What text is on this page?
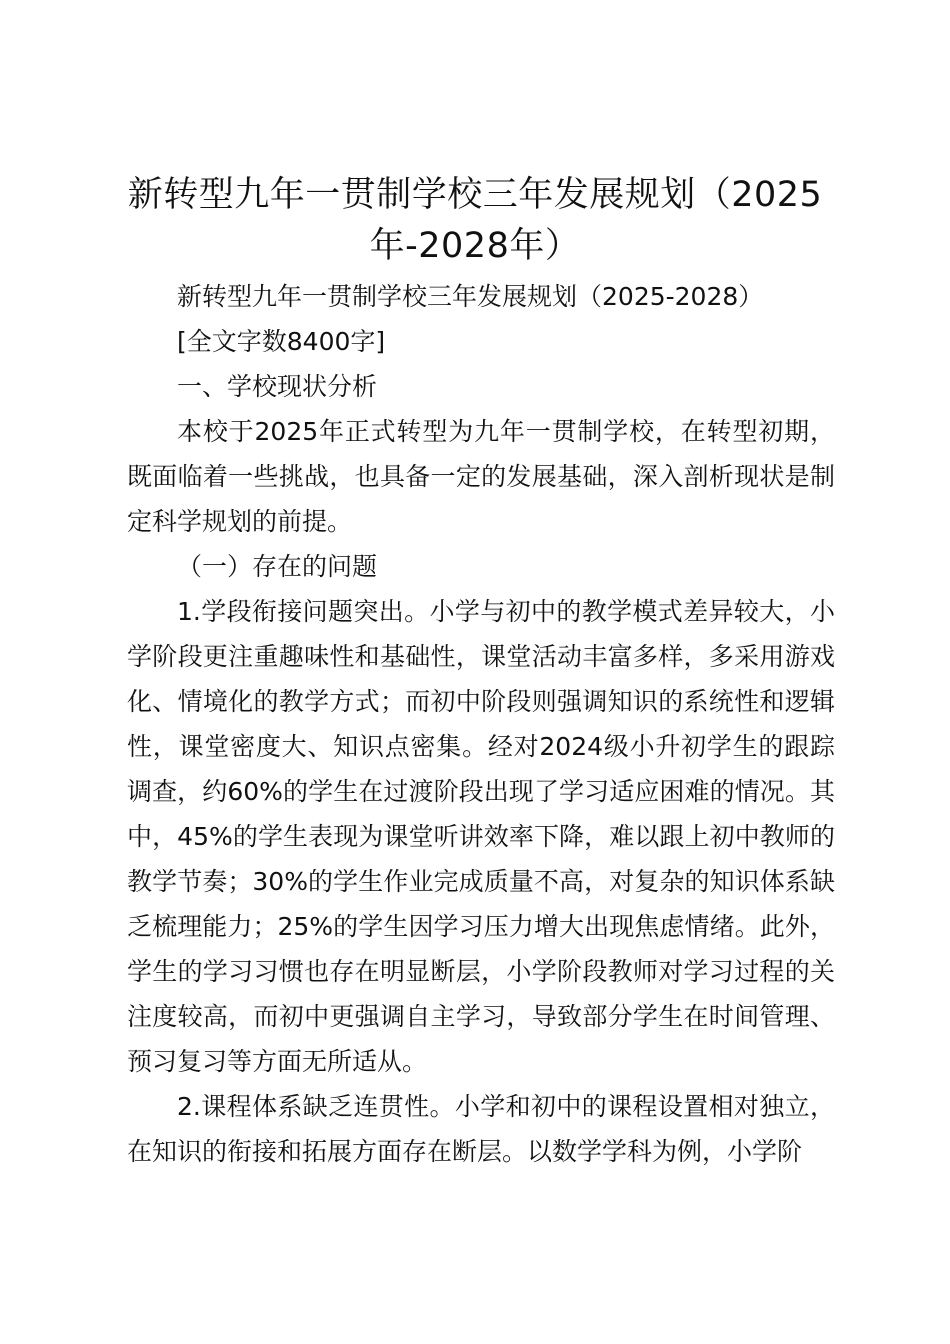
新转型九年一贯制学校三年发展规划（2025年-2028年）

新转型九年一贯制学校三年发展规划（2025-2028）

[全文字数8400字]

一、学校现状分析

本校于2025年正式转型为九年一贯制学校，在转型初期，既面临着一些挑战，也具备一定的发展基础，深入剖析现状是制定科学规划的前提。

（一）存在的问题

1.学段衔接问题突出。小学与初中的教学模式差异较大，小学阶段更注重趣味性和基础性，课堂活动丰富多样，多采用游戏化、情境化的教学方式；而初中阶段则强调知识的系统性和逻辑性，课堂密度大、知识点密集。经对2024级小升初学生的跟踪调查，约60%的学生在过渡阶段出现了学习适应困难的情况。其中，45%的学生表现为课堂听讲效率下降，难以跟上初中教师的教学节奏；30%的学生作业完成质量不高，对复杂的知识体系缺乏梳理能力；25%的学生因学习压力增大出现焦虑情绪。此外，学生的学习习惯也存在明显断层，小学阶段教师对学习过程的关注度较高，而初中更强调自主学习，导致部分学生在时间管理、预习复习等方面无所适从。

2.课程体系缺乏连贯性。小学和初中的课程设置相对独立，在知识的衔接和拓展方面存在断层。以数学学科为例，小学阶
